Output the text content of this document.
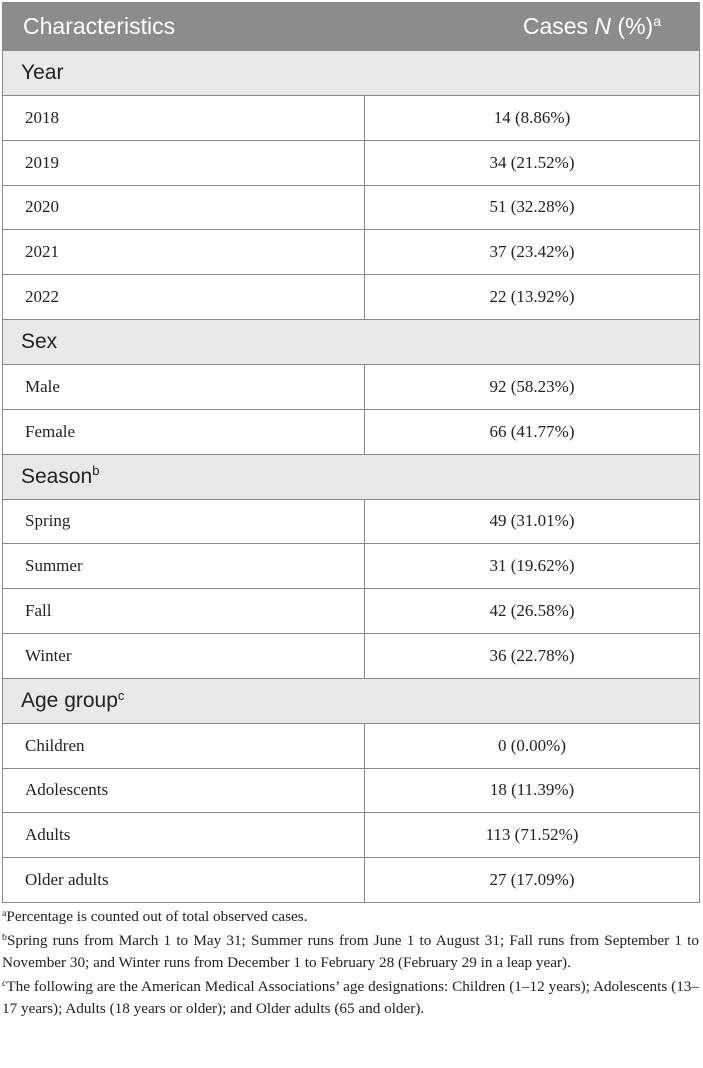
Characteristics	Cases N (%)$^a$
Year	
2018	14 (8.86%)
2019	34 (21.52%)
2020	51 (32.28%)
2021	37 (23.42%)
2022	22 (13.92%)
Sex	
Male	92 (58.23%)
Female	66 (41.77%)
Season$^b$
Spring	49 (31.01%)
Summer	31 (19.62%)
Fall	42 (26.58%)
Winter	36 (22.78%)
Age group$^c$
Children	0 (0.00%)
Adolescents	18 (11.39%)
Adults	113 (71.52%)
Older adults	27 (17.09%)

$^a$Percentage is counted out of total observed cases.

$^b$Spring runs from March 1 to May 31; Summer runs from June 1 to August 31; Fall runs from September 1 to November 30; and Winter runs from December 1 to February 28 (February 29 in a leap year).

$^c$The following are the American Medical Associations’ age designations: Children (1–12 years); Adolescents (13–17 years); Adults (18 years or older); and Older adults (65 and older).
